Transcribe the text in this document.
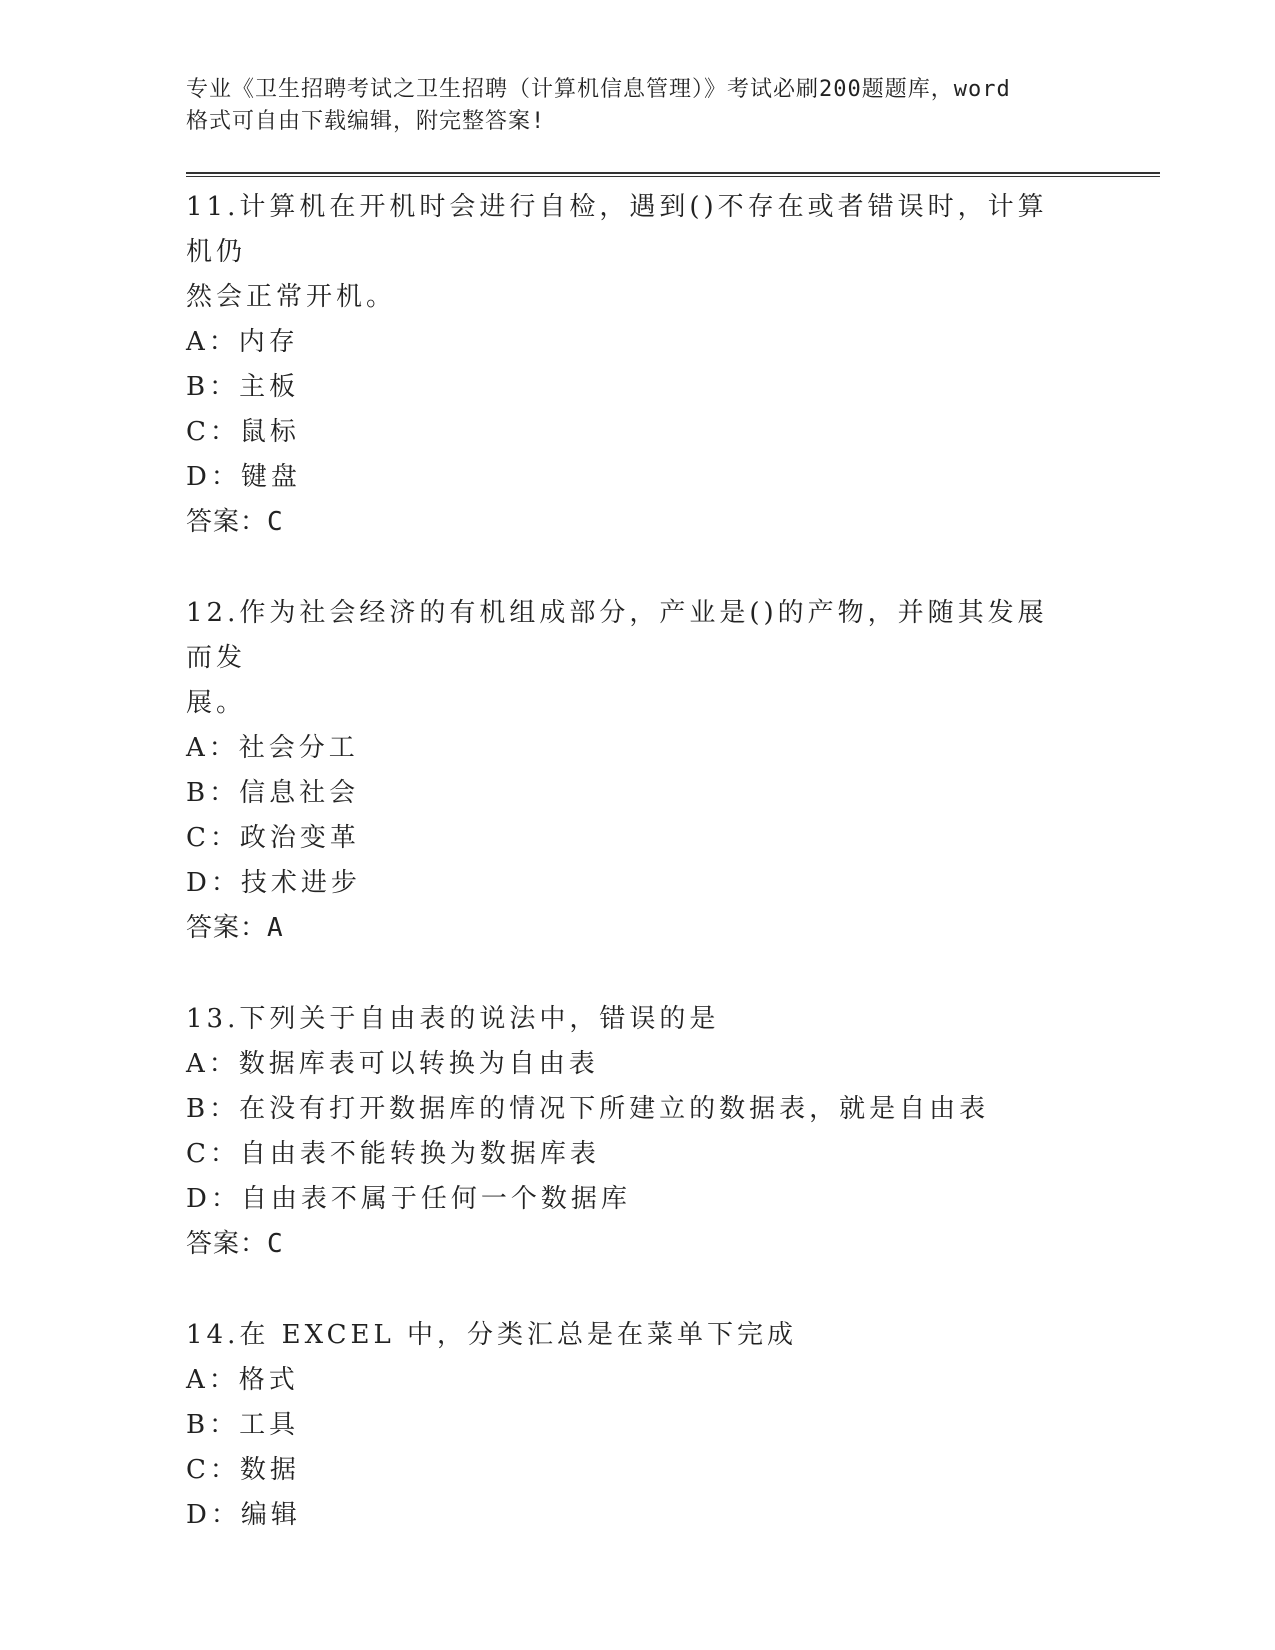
专业《卫生招聘考试之卫生招聘（计算机信息管理）》考试必刷200题题库，word
格式可自由下载编辑，附完整答案!
11.计算机在开机时会进行自检，遇到()不存在或者错误时，计算机仍
然会正常开机。
A：内存
B：主板
C：鼠标
D：键盘
答案：C
12.作为社会经济的有机组成部分，产业是()的产物，并随其发展而发
展。
A：社会分工
B：信息社会
C：政治变革
D：技术进步
答案：A
13.下列关于自由表的说法中，错误的是
A：数据库表可以转换为自由表
B：在没有打开数据库的情况下所建立的数据表，就是自由表
C：自由表不能转换为数据库表
D：自由表不属于任何一个数据库
答案：C
14.在 EXCEL 中，分类汇总是在菜单下完成
A：格式
B：工具
C：数据
D：编辑
